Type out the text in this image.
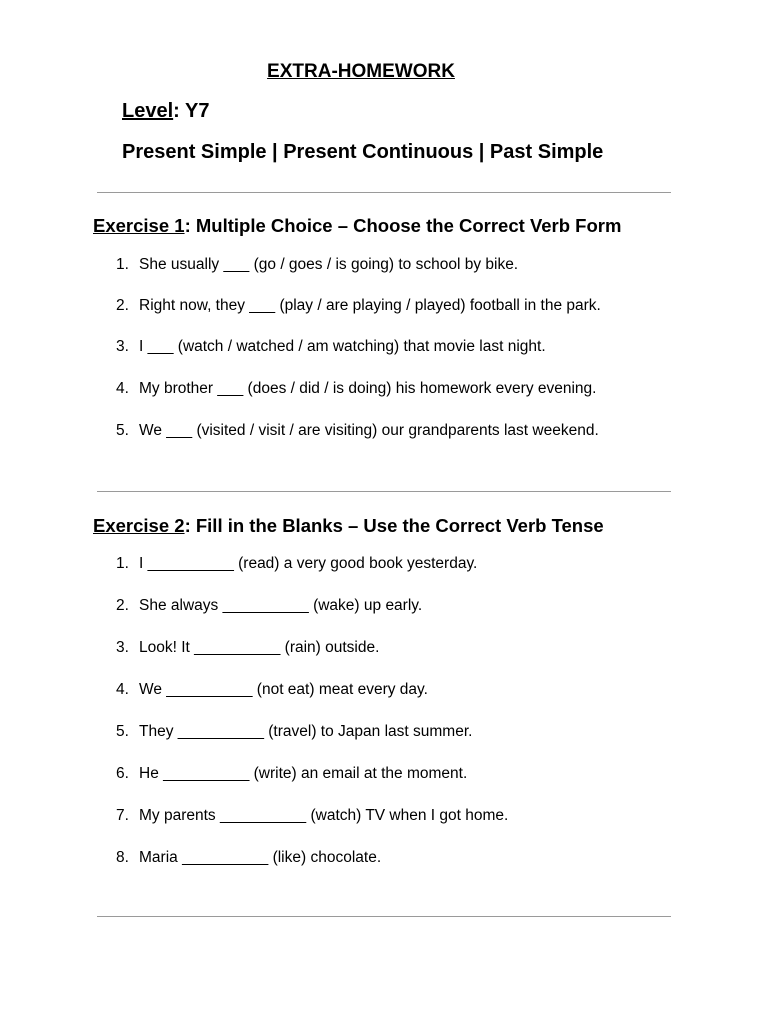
EXTRA-HOMEWORK
Level: Y7
Present Simple | Present Continuous | Past Simple
Exercise 1: Multiple Choice – Choose the Correct Verb Form
1. She usually ___ (go / goes / is going) to school by bike.
2. Right now, they ___ (play / are playing / played) football in the park.
3. I ___ (watch / watched / am watching) that movie last night.
4. My brother ___ (does / did / is doing) his homework every evening.
5. We ___ (visited / visit / are visiting) our grandparents last weekend.
Exercise 2: Fill in the Blanks – Use the Correct Verb Tense
1. I __________ (read) a very good book yesterday.
2. She always __________ (wake) up early.
3. Look! It __________ (rain) outside.
4. We __________ (not eat) meat every day.
5. They __________ (travel) to Japan last summer.
6. He __________ (write) an email at the moment.
7. My parents __________ (watch) TV when I got home.
8. Maria __________ (like) chocolate.
